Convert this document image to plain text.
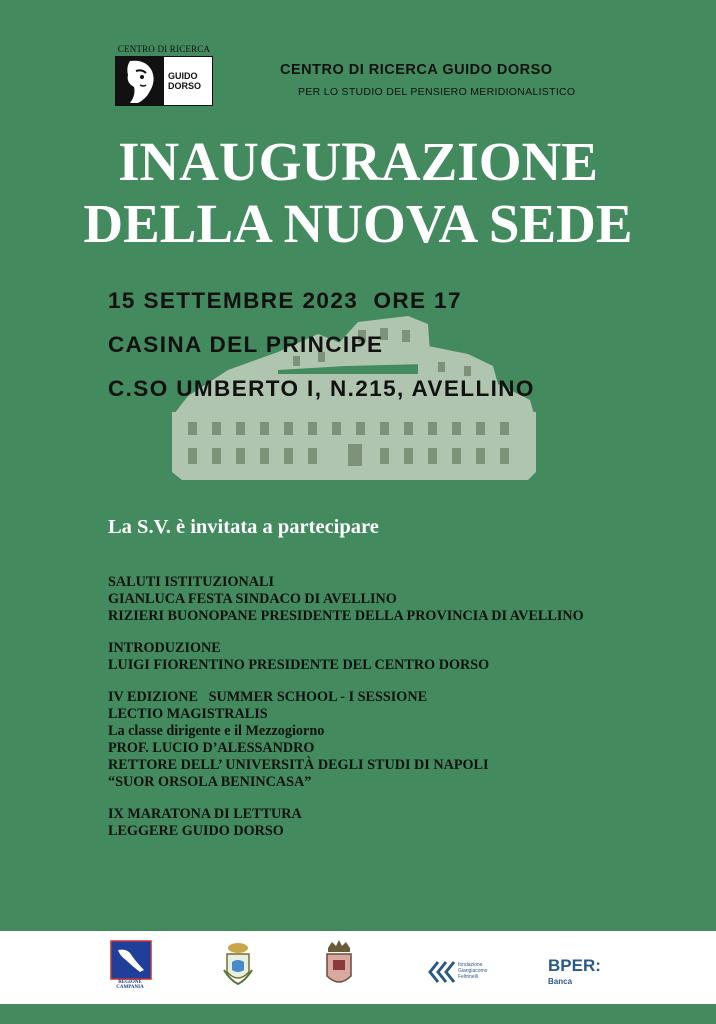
CENTRO DI RICERCA
GUIDO
DORSO
CENTRO DI RICERCA GUIDO DORSO
PER LO STUDIO DEL PENSIERO MERIDIONALISTICO
INAUGURAZIONE
DELLA NUOVA SEDE
15 SETTEMBRE 2023  ORE 17
CASINA DEL PRINCIPE
C.SO UMBERTO I, N.215, AVELLINO
La S.V. è invitata a partecipare
SALUTI ISTITUZIONALI
GIANLUCA FESTA SINDACO DI AVELLINO
RIZIERI BUONOPANE PRESIDENTE DELLA PROVINCIA DI AVELLINO
INTRODUZIONE
LUIGI FIORENTINO PRESIDENTE DEL CENTRO DORSO
IV EDIZIONE   SUMMER SCHOOL - I SESSIONE
LECTIO MAGISTRALIS
La classe dirigente e il Mezzogiorno
PROF. LUCIO D’ALESSANDRO
RETTORE DELL’ UNIVERSITÀ DEGLI STUDI DI NAPOLI
“SUOR ORSOLA BENINCASA”
IX MARATONA DI LETTURA
LEGGERE GUIDO DORSO
REGIONE CAMPANIA
fondazione Giangiacomo Feltrinelli
BPER:
Banca
